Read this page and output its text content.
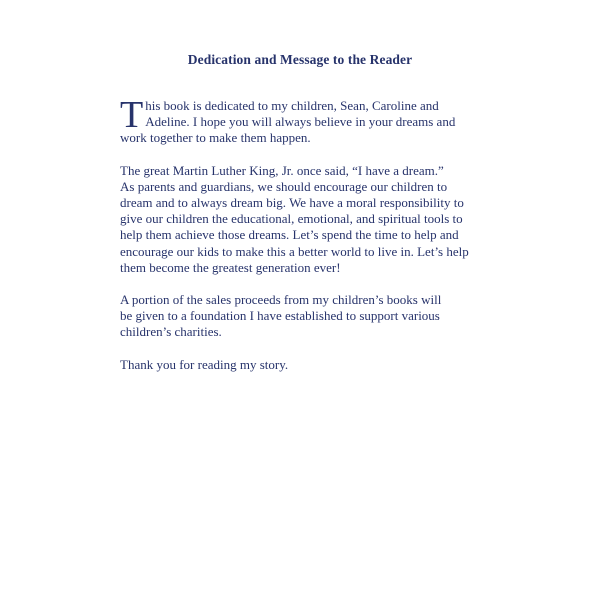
Dedication and Message to the Reader

T his book is dedicated to my children, Sean, Caroline and
Adeline. I hope you will always believe in your dreams and
work together to make them happen.

The great Martin Luther King, Jr. once said, “I have a dream.”
As parents and guardians, we should encourage our children to
dream and to always dream big. We have a moral responsibility to
give our children the educational, emotional, and spiritual tools to
help them achieve those dreams. Let’s spend the time to help and
encourage our kids to make this a better world to live in. Let’s help
them become the greatest generation ever!

A portion of the sales proceeds from my children’s books will
be given to a foundation I have established to support various
children’s charities.

Thank you for reading my story.
